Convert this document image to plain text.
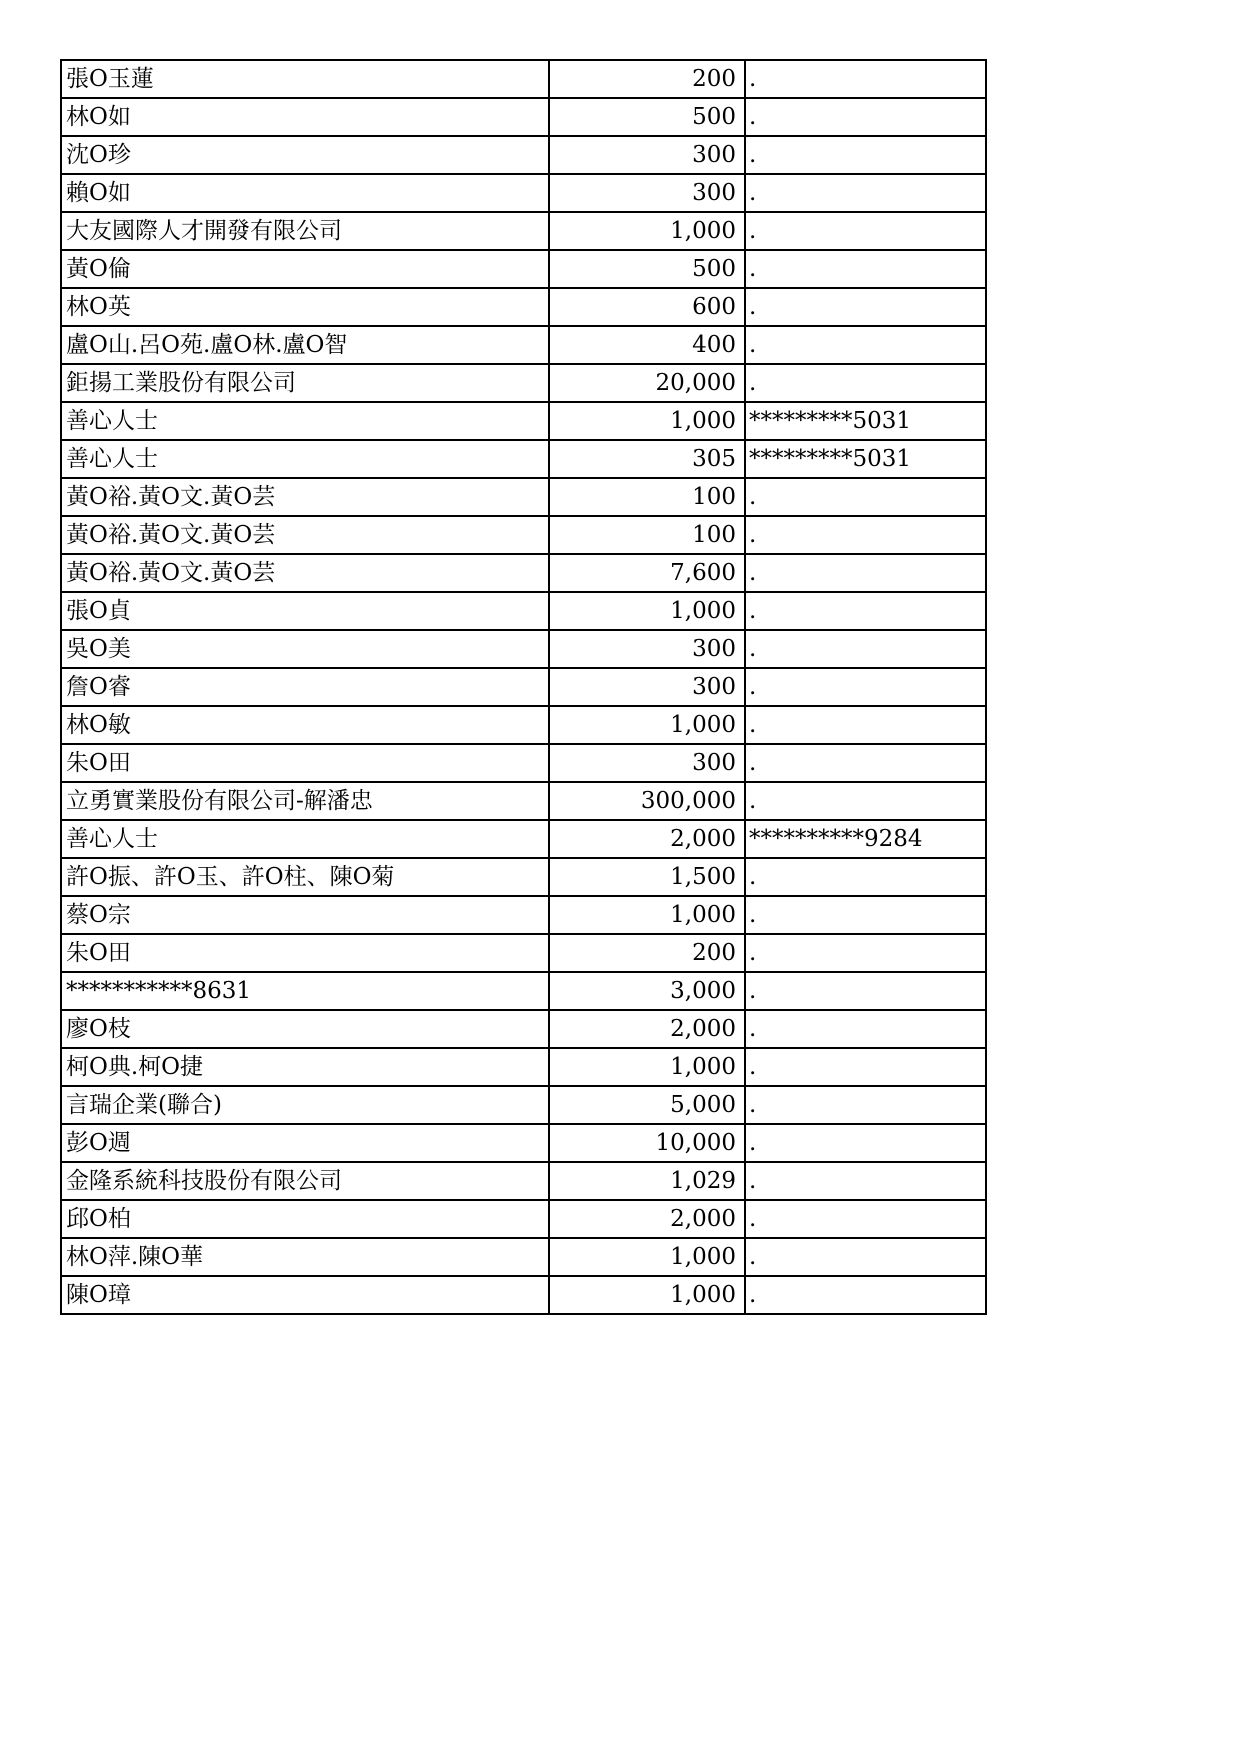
張O玉蓮	200	.
林O如	500	.
沈O珍	300	.
賴O如	300	.
大友國際人才開發有限公司	1,000	.
黃O倫	500	.
林O英	600	.
盧O山.呂O苑.盧O林.盧O智	400	.
鉅揚工業股份有限公司	20,000	.
善心人士	1,000	*********5031
善心人士	305	*********5031
黃O裕.黃O文.黃O芸	100	.
黃O裕.黃O文.黃O芸	100	.
黃O裕.黃O文.黃O芸	7,600	.
張O貞	1,000	.
吳O美	300	.
詹O睿	300	.
林O敏	1,000	.
朱O田	300	.
立勇實業股份有限公司-解潘忠	300,000	.
善心人士	2,000	**********9284
許O振、許O玉、許O柱、陳O菊	1,500	.
蔡O宗	1,000	.
朱O田	200	.
***********8631	3,000	.
廖O枝	2,000	.
柯O典.柯O捷	1,000	.
言瑞企業(聯合)	5,000	.
彭O週	10,000	.
金隆系統科技股份有限公司	1,029	.
邱O柏	2,000	.
林O萍.陳O華	1,000	.
陳O璋	1,000	.
